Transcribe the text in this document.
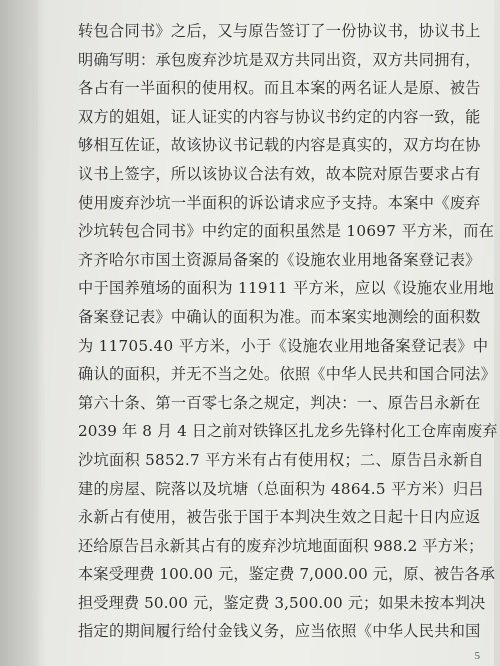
转包合同书》之后，又与原告签订了一份协议书，协议书上
明确写明：承包废弃沙坑是双方共同出资，双方共同拥有，
各占有一半面积的使用权。而且本案的两名证人是原、被告
双方的姐姐，证人证实的内容与协议书约定的内容一致，能
够相互佐证，故该协议书记载的内容是真实的，双方均在协
议书上签字，所以该协议合法有效，故本院对原告要求占有
使用废弃沙坑一半面积的诉讼请求应予支持。本案中《废弃
沙坑转包合同书》中约定的面积虽然是 10697 平方米，而在
齐齐哈尔市国土资源局备案的《设施农业用地备案登记表》
中于国养殖场的面积为 11911 平方米，应以《设施农业用地
备案登记表》中确认的面积为准。而本案实地测绘的面积数
为 11705.40 平方米，小于《设施农业用地备案登记表》中
确认的面积，并无不当之处。依照《中华人民共和国合同法》
第六十条、第一百零七条之规定，判决：一、原告吕永新在
2039 年 8 月 4 日之前对铁锋区扎龙乡先锋村化工仓库南废弃
沙坑面积 5852.7 平方米有占有使用权；二、原告吕永新自
建的房屋、院落以及坑塘（总面积为 4864.5 平方米）归吕
永新占有使用，被告张于国于本判决生效之日起十日内应返
还给原告吕永新其占有的废弃沙坑地面面积 988.2 平方米；
本案受理费 100.00 元，鉴定费 7,000.00 元，原、被告各承
担受理费 50.00 元，鉴定费 3,500.00 元；如果未按本判决
指定的期间履行给付金钱义务，应当依照《中华人民共和国
5
